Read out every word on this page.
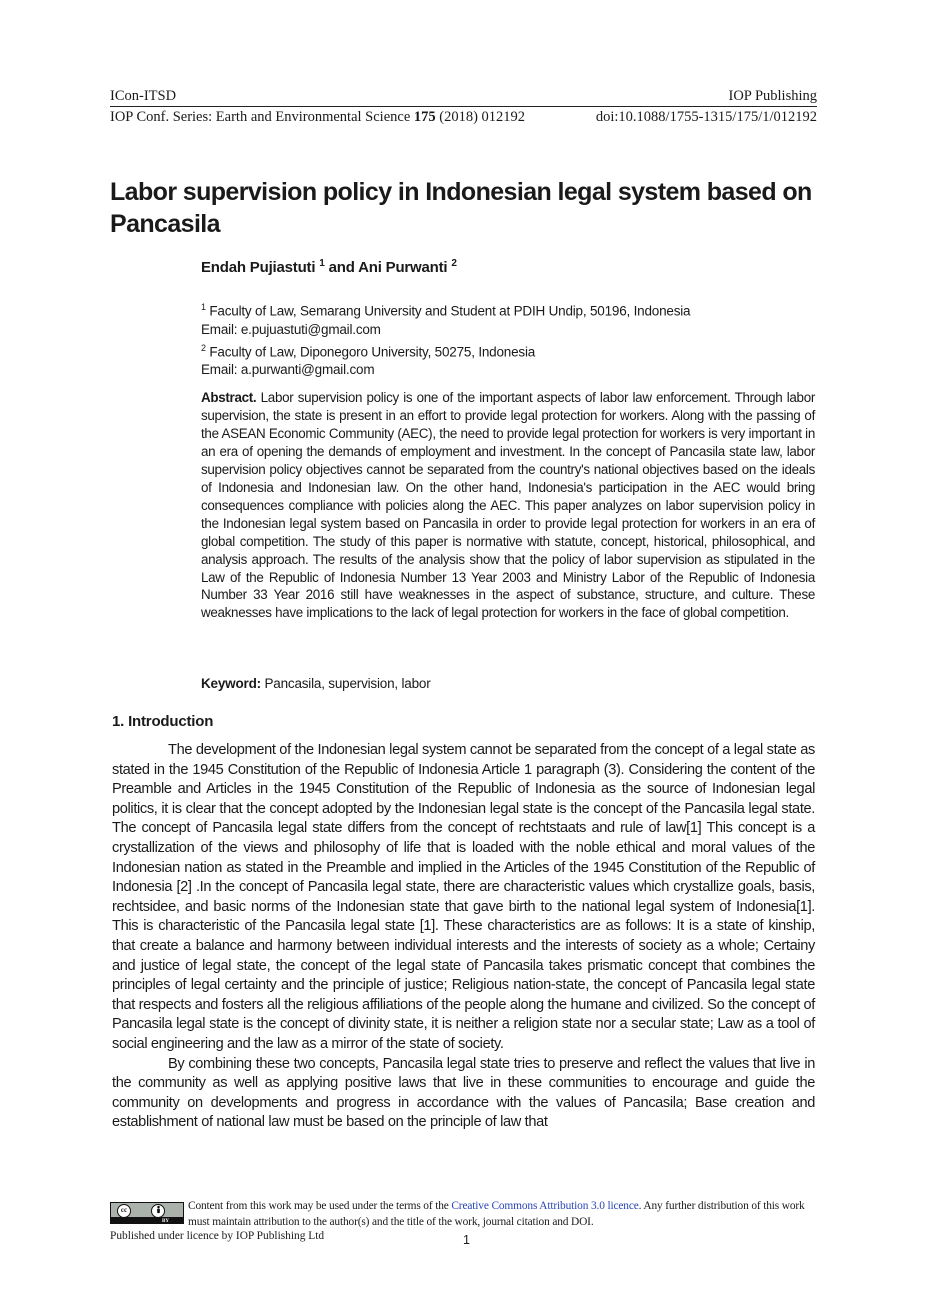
ICon-ITSD	IOP Publishing
IOP Conf. Series: Earth and Environmental Science 175 (2018) 012192	doi:10.1088/1755-1315/175/1/012192
Labor supervision policy in Indonesian legal system based on Pancasila
Endah Pujiastuti $^1$ and Ani Purwanti $^2$
$^1$ Faculty of Law, Semarang University and Student at PDIH Undip, 50196, Indonesia
Email: e.pujuastuti@gmail.com
$^2$ Faculty of Law, Diponegoro University, 50275, Indonesia
Email: a.purwanti@gmail.com
Abstract. Labor supervision policy is one of the important aspects of labor law enforcement. Through labor supervision, the state is present in an effort to provide legal protection for workers. Along with the passing of the ASEAN Economic Community (AEC), the need to provide legal protection for workers is very important in an era of opening the demands of employment and investment. In the concept of Pancasila state law, labor supervision policy objectives cannot be separated from the country's national objectives based on the ideals of Indonesia and Indonesian law. On the other hand, Indonesia's participation in the AEC would bring consequences compliance with policies along the AEC. This paper analyzes on labor supervision policy in the Indonesian legal system based on Pancasila in order to provide legal protection for workers in an era of global competition. The study of this paper is normative with statute, concept, historical, philosophical, and analysis approach. The results of the analysis show that the policy of labor supervision as stipulated in the Law of the Republic of Indonesia Number 13 Year 2003 and Ministry Labor of the Republic of Indonesia Number 33 Year 2016 still have weaknesses in the aspect of substance, structure, and culture. These weaknesses have implications to the lack of legal protection for workers in the face of global competition.
Keyword: Pancasila, supervision, labor
1. Introduction

The development of the Indonesian legal system cannot be separated from the concept of a legal state as stated in the 1945 Constitution of the Republic of Indonesia Article 1 paragraph (3). Considering the content of the Preamble and Articles in the 1945 Constitution of the Republic of Indonesia as the source of Indonesian legal politics, it is clear that the concept adopted by the Indonesian legal state is the concept of the Pancasila legal state. The concept of Pancasila legal state differs from the concept of rechtstaats and rule of law[1] This concept is a crystallization of the views and philosophy of life that is loaded with the noble ethical and moral values of the Indonesian nation as stated in the Preamble and implied in the Articles of the 1945 Constitution of the Republic of Indonesia [2] .In the concept of Pancasila legal state, there are characteristic values which crystallize goals, basis, rechtsidee, and basic norms of the Indonesian state that gave birth to the national legal system of Indonesia[1]. This is characteristic of the Pancasila legal state [1]. These characteristics are as follows: It is a state of kinship, that create a balance and harmony between individual interests and the interests of society as a whole; Certainy and justice of legal state, the concept of the legal state of Pancasila takes prismatic concept that combines the principles of legal certainty and the principle of justice; Religious nation-state, the concept of Pancasila legal state that respects and fosters all the religious affiliations of the people along the humane and civilized. So the concept of Pancasila legal state is the concept of divinity state, it is neither a religion state nor a secular state; Law as a tool of social engineering and the law as a mirror of the state of society.

By combining these two concepts, Pancasila legal state tries to preserve and reflect the values that live in the community as well as applying positive laws that live in these communities to encourage and guide the community on developments and progress in accordance with the values of Pancasila; Base creation and establishment of national law must be based on the principle of law that

cc
BY
Content from this work may be used under the terms of the Creative Commons Attribution 3.0 licence. Any further distribution of this work must maintain attribution to the author(s) and the title of the work, journal citation and DOI.
Published under licence by IOP Publishing Ltd	1
